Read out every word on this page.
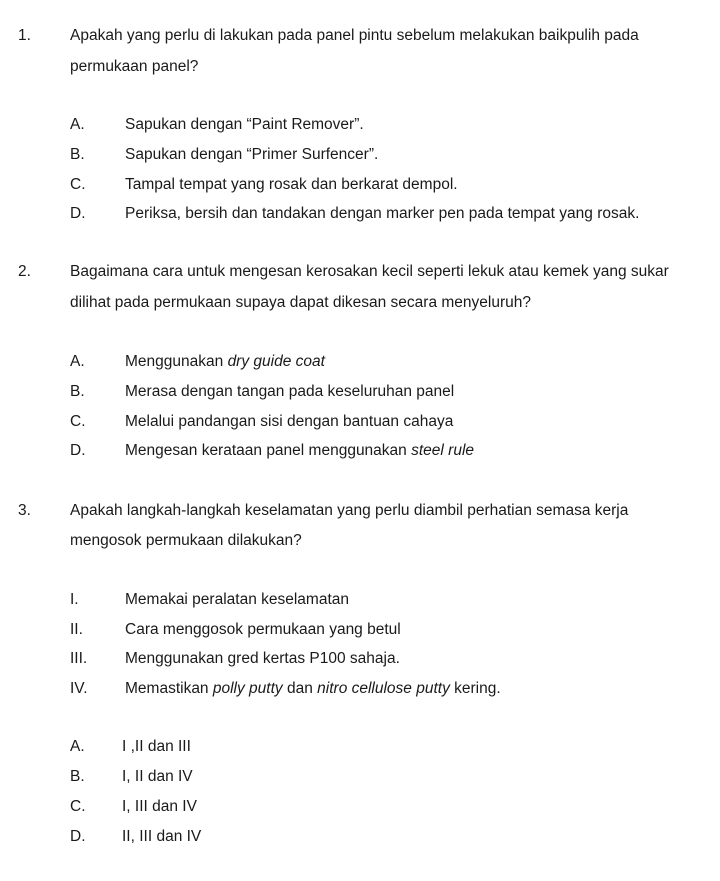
1.	Apakah yang perlu di lakukan pada panel pintu sebelum melakukan baikpulih pada
permukaan panel?
A.	Sapukan dengan “Paint Remover”.
B.	Sapukan dengan “Primer Surfencer”.
C.	Tampal tempat yang rosak dan berkarat dempol.
D.	Periksa, bersih dan tandakan dengan marker pen pada tempat yang rosak.
2.	Bagaimana cara untuk mengesan kerosakan kecil seperti lekuk atau kemek yang sukar
dilihat pada permukaan supaya dapat dikesan secara menyeluruh?
A.	Menggunakan dry guide coat
B.	Merasa dengan tangan pada keseluruhan panel
C.	Melalui pandangan sisi dengan bantuan cahaya
D.	Mengesan kerataan panel menggunakan steel rule
3.	Apakah langkah-langkah keselamatan yang perlu diambil perhatian semasa kerja
mengosok permukaan dilakukan?
I.	Memakai peralatan keselamatan
II.	Cara menggosok permukaan yang betul
III. Menggunakan gred kertas P100 sahaja.
IV. Memastikan polly putty dan nitro cellulose putty kering.
A. I ,II dan III
B. I, II dan IV
C. I, III dan IV
D. II, III dan IV
